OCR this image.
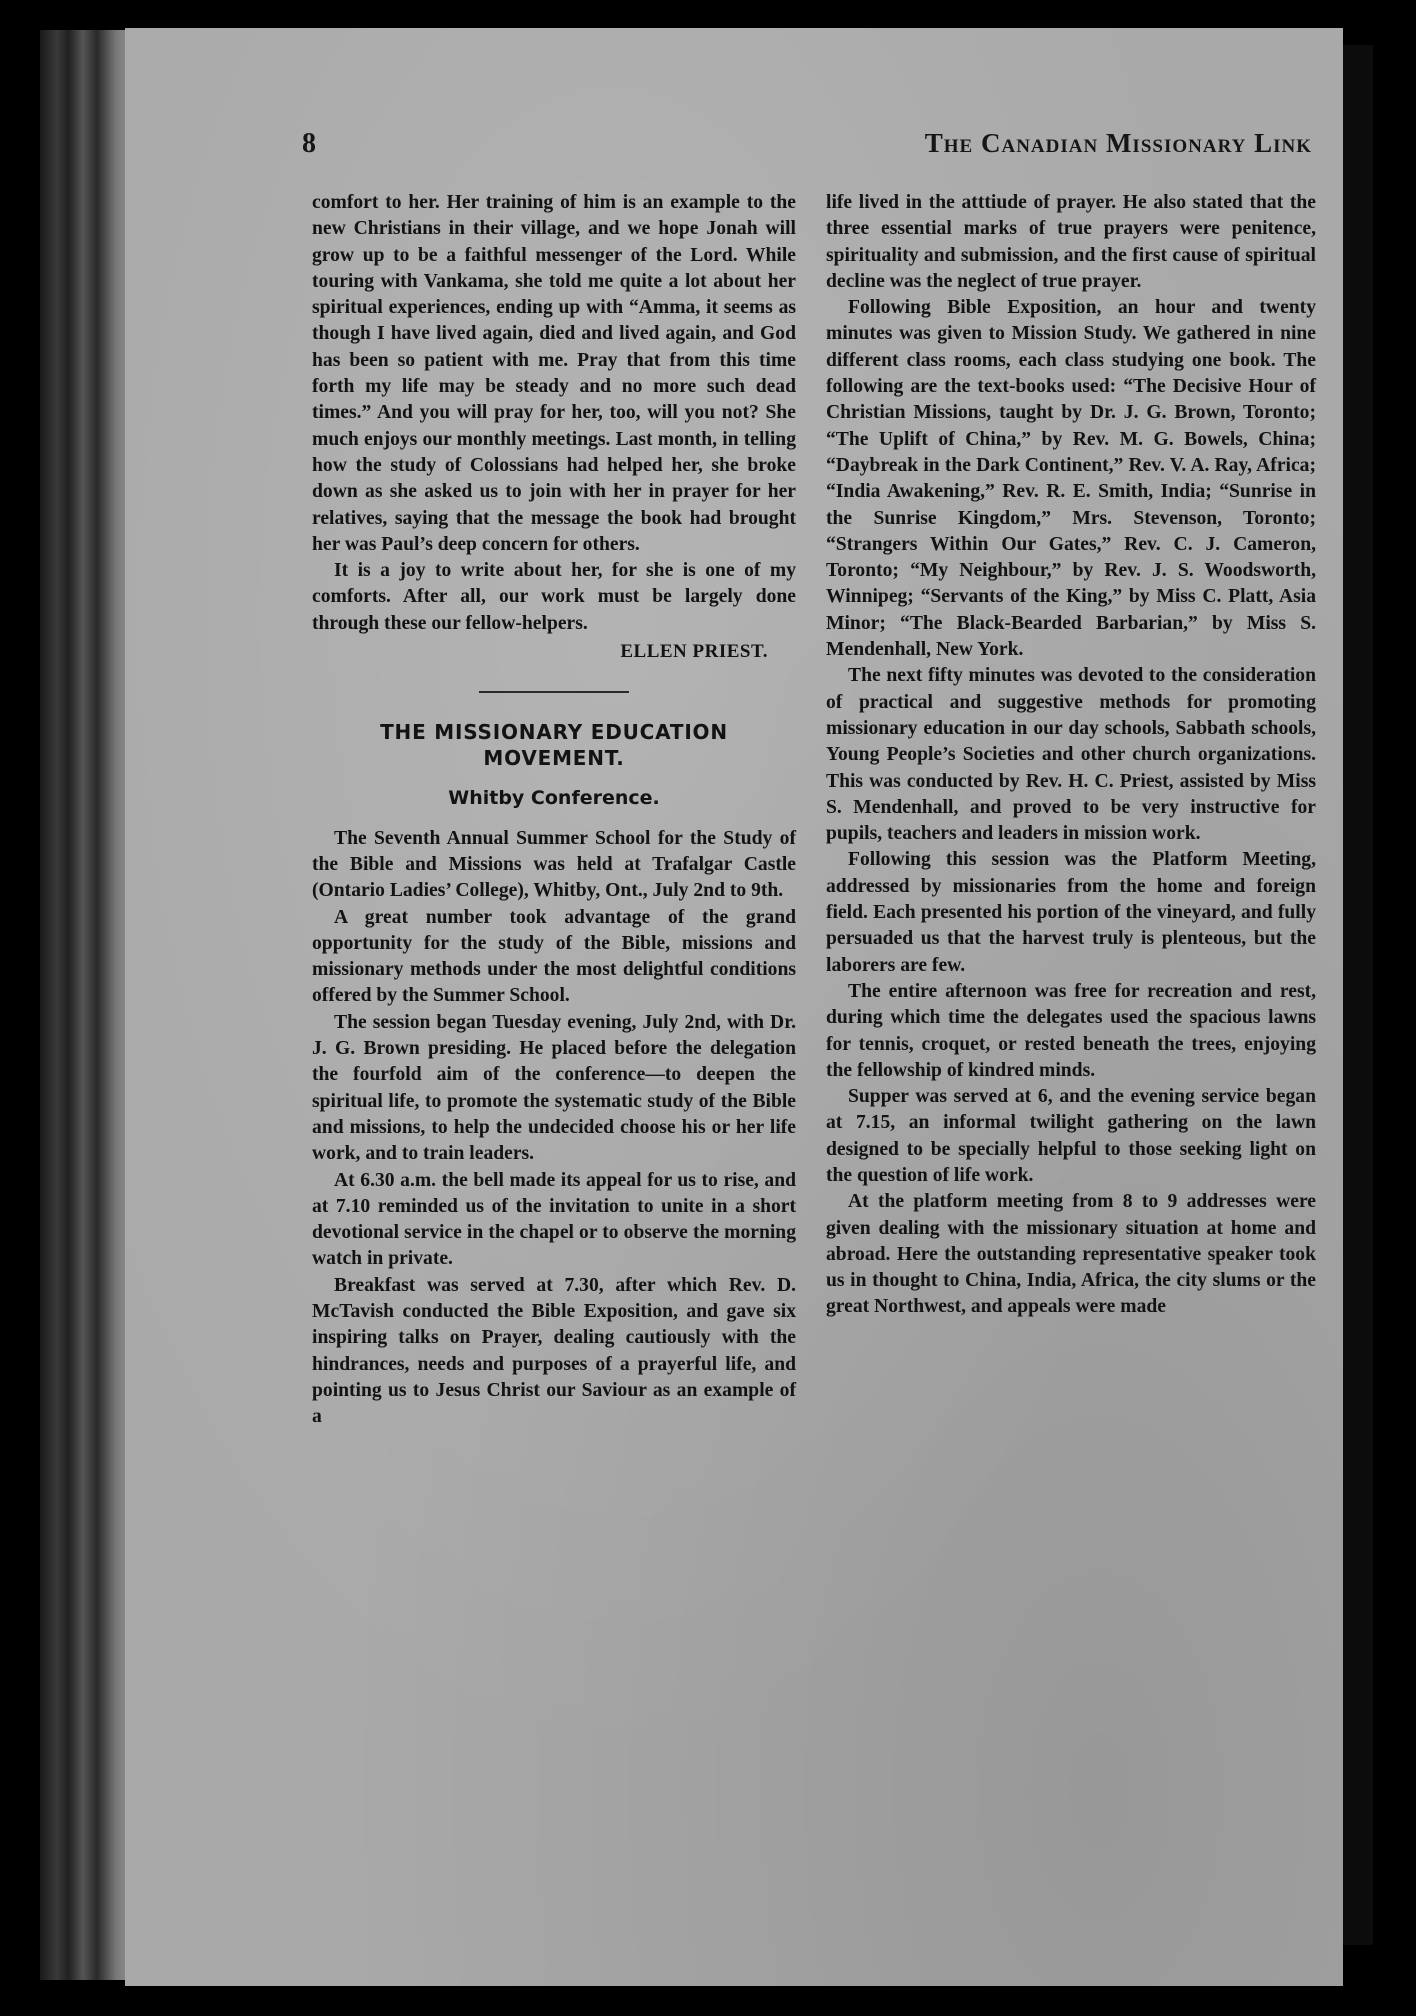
8	The Canadian Missionary Link

comfort to her. Her training of him is an example to the new Christians in their village, and we hope Jonah will grow up to be a faithful messenger of the Lord. While touring with Vankama, she told me quite a lot about her spiritual experiences, ending up with “Amma, it seems as though I have lived again, died and lived again, and God has been so patient with me. Pray that from this time forth my life may be steady and no more such dead times.” And you will pray for her, too, will you not? She much enjoys our monthly meetings. Last month, in telling how the study of Colossians had helped her, she broke down as she asked us to join with her in prayer for her relatives, saying that the message the book had brought her was Paul’s deep concern for others.

It is a joy to write about her, for she is one of my comforts. After all, our work must be largely done through these our fellow-helpers.

ELLEN PRIEST.
THE MISSIONARY EDUCATION MOVEMENT.
Whitby Conference.

The Seventh Annual Summer School for the Study of the Bible and Missions was held at Trafalgar Castle (Ontario Ladies’ College), Whitby, Ont., July 2nd to 9th.

A great number took advantage of the grand opportunity for the study of the Bible, missions and missionary methods under the most delightful conditions offered by the Summer School.

The session began Tuesday evening, July 2nd, with Dr. J. G. Brown presiding. He placed before the delegation the fourfold aim of the conference—to deepen the spiritual life, to promote the systematic study of the Bible and missions, to help the undecided choose his or her life work, and to train leaders.

At 6.30 a.m. the bell made its appeal for us to rise, and at 7.10 reminded us of the invitation to unite in a short devotional service in the chapel or to observe the morning watch in private.

Breakfast was served at 7.30, after which Rev. D. McTavish conducted the Bible Exposition, and gave six inspiring talks on Prayer, dealing cautiously with the hindrances, needs and purposes of a prayerful life, and pointing us to Jesus Christ our Saviour as an example of a

life lived in the atttiude of prayer. He also stated that the three essential marks of true prayers were penitence, spirituality and submission, and the first cause of spiritual decline was the neglect of true prayer.

Following Bible Exposition, an hour and twenty minutes was given to Mission Study. We gathered in nine different class rooms, each class studying one book. The following are the text-books used: “The Decisive Hour of Christian Missions, taught by Dr. J. G. Brown, Toronto; “The Uplift of China,” by Rev. M. G. Bowels, China; “Daybreak in the Dark Continent,” Rev. V. A. Ray, Africa; “India Awakening,” Rev. R. E. Smith, India; “Sunrise in the Sunrise Kingdom,” Mrs. Stevenson, Toronto; “Strangers Within Our Gates,” Rev. C. J. Cameron, Toronto; “My Neighbour,” by Rev. J. S. Woodsworth, Winnipeg; “Servants of the King,” by Miss C. Platt, Asia Minor; “The Black-Bearded Barbarian,” by Miss S. Mendenhall, New York.

The next fifty minutes was devoted to the consideration of practical and suggestive methods for promoting missionary education in our day schools, Sabbath schools, Young People’s Societies and other church organizations. This was conducted by Rev. H. C. Priest, assisted by Miss S. Mendenhall, and proved to be very instructive for pupils, teachers and leaders in mission work.

Following this session was the Platform Meeting, addressed by missionaries from the home and foreign field. Each presented his portion of the vineyard, and fully persuaded us that the harvest truly is plenteous, but the laborers are few.

The entire afternoon was free for recreation and rest, during which time the delegates used the spacious lawns for tennis, croquet, or rested beneath the trees, enjoying the fellowship of kindred minds.

Supper was served at 6, and the evening service began at 7.15, an informal twilight gathering on the lawn designed to be specially helpful to those seeking light on the question of life work.

At the platform meeting from 8 to 9 addresses were given dealing with the missionary situation at home and abroad. Here the outstanding representative speaker took us in thought to China, India, Africa, the city slums or the great Northwest, and appeals were made
